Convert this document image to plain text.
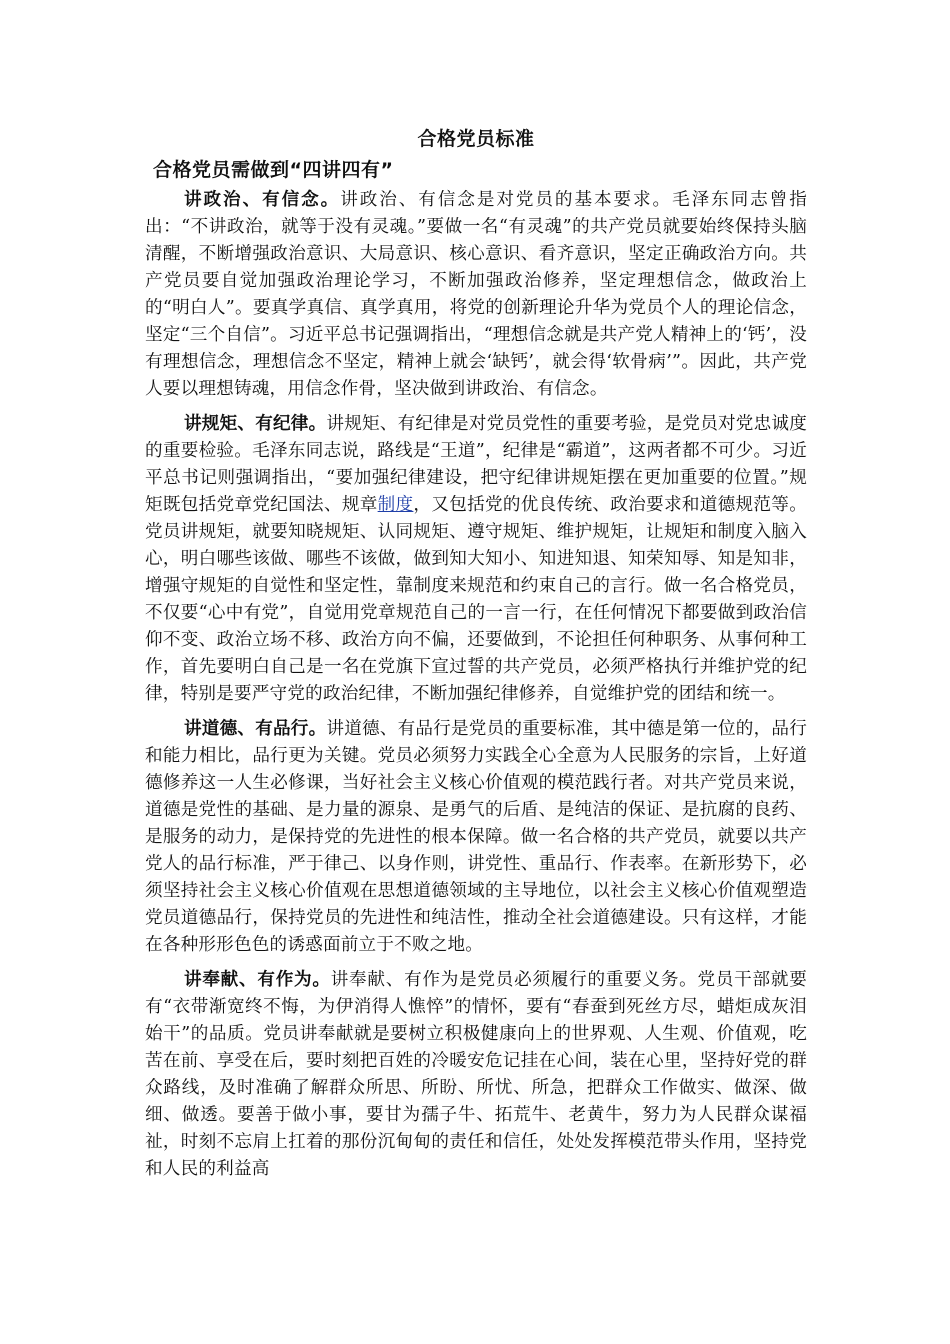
合格党员标准
合格党员需做到“四讲四有”

讲政治、有信念。讲政治、有信念是对党员的基本要求。毛泽东同志曾指出：“不讲政治，就等于没有灵魂。”要做一名“有灵魂”的共产党员就要始终保持头脑清醒，不断增强政治意识、大局意识、核心意识、看齐意识，坚定正确政治方向。共产党员要自觉加强政治理论学习，不断加强政治修养，坚定理想信念，做政治上的“明白人”。要真学真信、真学真用，将党的创新理论升华为党员个人的理论信念，坚定“三个自信”。习近平总书记强调指出，“理想信念就是共产党人精神上的‘钙’，没有理想信念，理想信念不坚定，精神上就会‘缺钙’，就会得‘软骨病’”。因此，共产党人要以理想铸魂，用信念作骨，坚决做到讲政治、有信念。

讲规矩、有纪律。讲规矩、有纪律是对党员党性的重要考验，是党员对党忠诚度的重要检验。毛泽东同志说，路线是“王道”，纪律是“霸道”，这两者都不可少。习近平总书记则强调指出，“要加强纪律建设，把守纪律讲规矩摆在更加重要的位置。”规矩既包括党章党纪国法、规章制度，又包括党的优良传统、政治要求和道德规范等。党员讲规矩，就要知晓规矩、认同规矩、遵守规矩、维护规矩，让规矩和制度入脑入心，明白哪些该做、哪些不该做，做到知大知小、知进知退、知荣知辱、知是知非，增强守规矩的自觉性和坚定性，靠制度来规范和约束自己的言行。做一名合格党员，不仅要“心中有党”，自觉用党章规范自己的一言一行，在任何情况下都要做到政治信仰不变、政治立场不移、政治方向不偏，还要做到，不论担任何种职务、从事何种工作，首先要明白自己是一名在党旗下宣过誓的共产党员，必须严格执行并维护党的纪律，特别是要严守党的政治纪律，不断加强纪律修养，自觉维护党的团结和统一。

讲道德、有品行。讲道德、有品行是党员的重要标准，其中德是第一位的，品行和能力相比，品行更为关键。党员必须努力实践全心全意为人民服务的宗旨，上好道德修养这一人生必修课，当好社会主义核心价值观的模范践行者。对共产党员来说，道德是党性的基础、是力量的源泉、是勇气的后盾、是纯洁的保证、是抗腐的良药、是服务的动力，是保持党的先进性的根本保障。做一名合格的共产党员，就要以共产党人的品行标准，严于律己、以身作则，讲党性、重品行、作表率。在新形势下，必须坚持社会主义核心价值观在思想道德领域的主导地位，以社会主义核心价值观塑造党员道德品行，保持党员的先进性和纯洁性，推动全社会道德建设。只有这样，才能在各种形形色色的诱惑面前立于不败之地。

讲奉献、有作为。讲奉献、有作为是党员必须履行的重要义务。党员干部就要有“衣带渐宽终不悔，为伊消得人憔悴”的情怀，要有“春蚕到死丝方尽，蜡炬成灰泪始干”的品质。党员讲奉献就是要树立积极健康向上的世界观、人生观、价值观，吃苦在前、享受在后，要时刻把百姓的冷暖安危记挂在心间，装在心里，坚持好党的群众路线，及时准确了解群众所思、所盼、所忧、所急，把群众工作做实、做深、做细、做透。要善于做小事，要甘为孺子牛、拓荒牛、老黄牛，努力为人民群众谋福祉，时刻不忘肩上扛着的那份沉甸甸的责任和信任，处处发挥模范带头作用，坚持党和人民的利益高
